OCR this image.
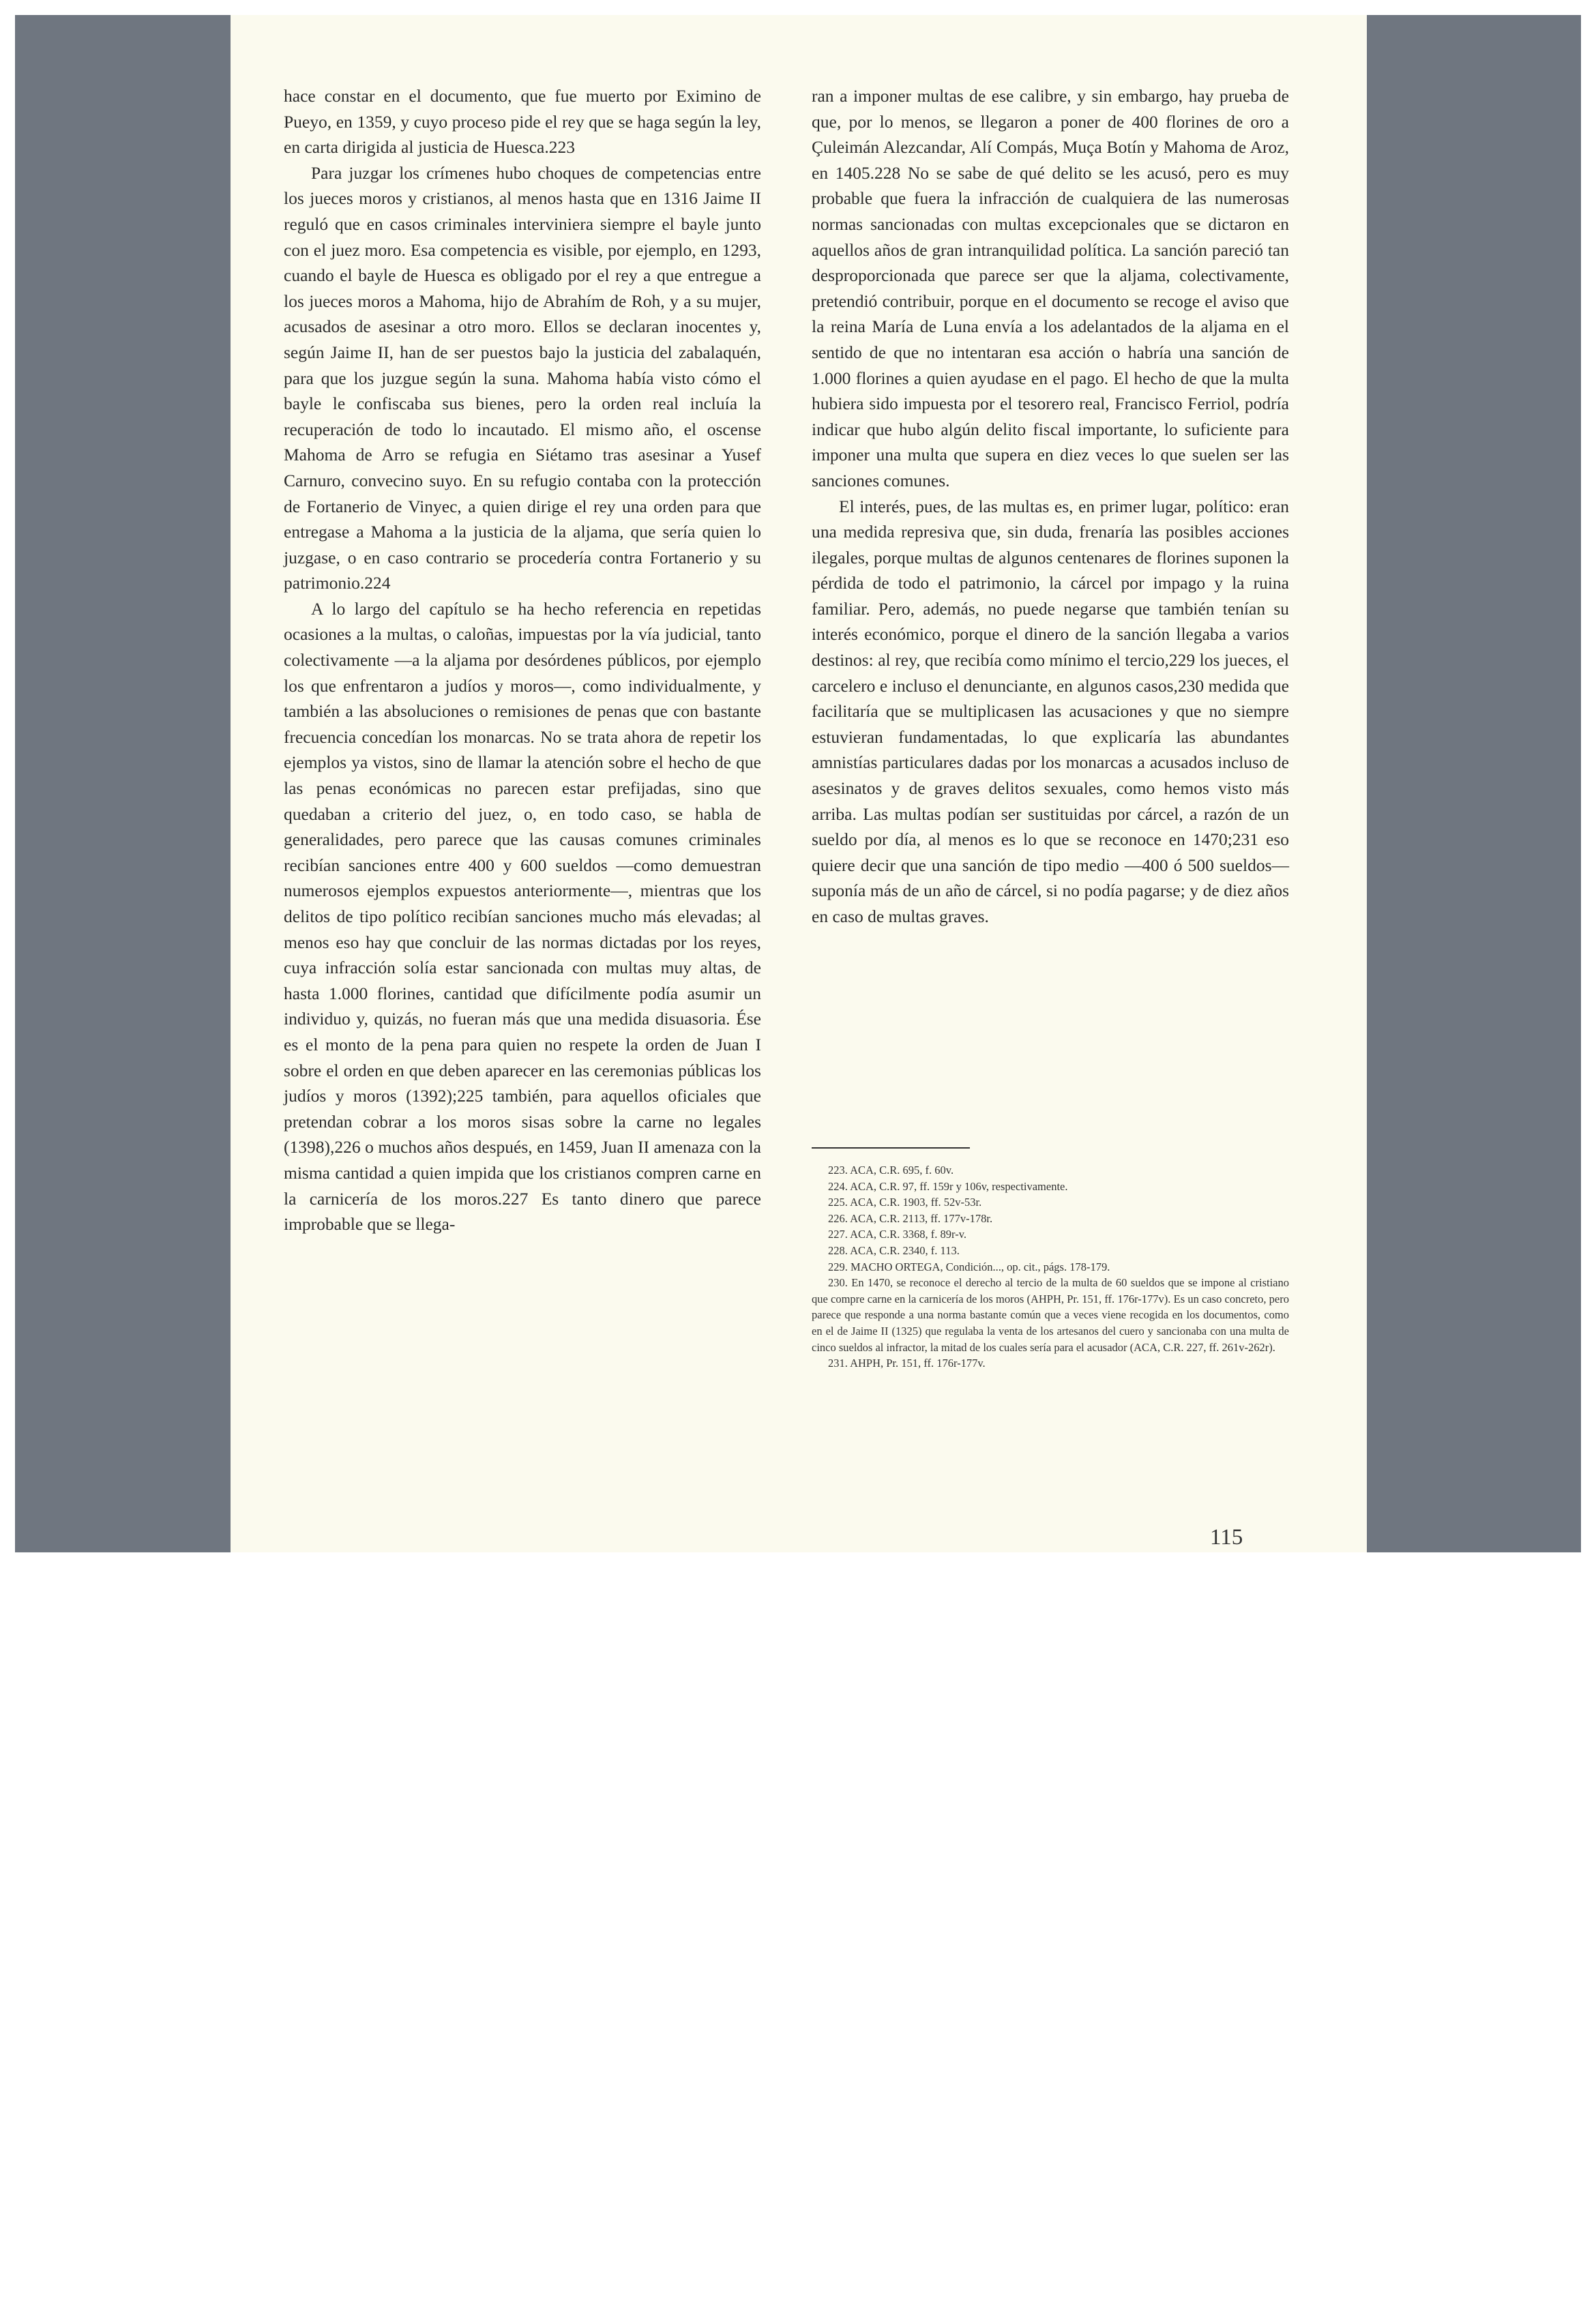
hace constar en el documento, que fue muerto por Eximino de Pueyo, en 1359, y cuyo proceso pide el rey que se haga según la ley, en carta dirigida al justicia de Huesca.223

Para juzgar los crímenes hubo choques de competencias entre los jueces moros y cristianos, al menos hasta que en 1316 Jaime II reguló que en casos criminales interviniera siempre el bayle junto con el juez moro. Esa competencia es visible, por ejemplo, en 1293, cuando el bayle de Huesca es obligado por el rey a que entregue a los jueces moros a Mahoma, hijo de Abrahím de Roh, y a su mujer, acusados de asesinar a otro moro. Ellos se declaran inocentes y, según Jaime II, han de ser puestos bajo la justicia del zabalaquén, para que los juzgue según la suna. Mahoma había visto cómo el bayle le confiscaba sus bienes, pero la orden real incluía la recuperación de todo lo incautado. El mismo año, el oscense Mahoma de Arro se refugia en Siétamo tras asesinar a Yusef Carnuro, convecino suyo. En su refugio contaba con la protección de Fortanerio de Vinyec, a quien dirige el rey una orden para que entregase a Mahoma a la justicia de la aljama, que sería quien lo juzgase, o en caso contrario se procedería contra Fortanerio y su patrimonio.224

A lo largo del capítulo se ha hecho referencia en repetidas ocasiones a la multas, o caloñas, impuestas por la vía judicial, tanto colectivamente —a la aljama por desórdenes públicos, por ejemplo los que enfrentaron a judíos y moros—, como individualmente, y también a las absoluciones o remisiones de penas que con bastante frecuencia concedían los monarcas. No se trata ahora de repetir los ejemplos ya vistos, sino de llamar la atención sobre el hecho de que las penas económicas no parecen estar prefijadas, sino que quedaban a criterio del juez, o, en todo caso, se habla de generalidades, pero parece que las causas comunes criminales recibían sanciones entre 400 y 600 sueldos —como demuestran numerosos ejemplos expuestos anteriormente—, mientras que los delitos de tipo político recibían sanciones mucho más elevadas; al menos eso hay que concluir de las normas dictadas por los reyes, cuya infracción solía estar sancionada con multas muy altas, de hasta 1.000 florines, cantidad que difícilmente podía asumir un individuo y, quizás, no fueran más que una medida disuasoria. Ése es el monto de la pena para quien no respete la orden de Juan I sobre el orden en que deben aparecer en las ceremonias públicas los judíos y moros (1392);225 también, para aquellos oficiales que pretendan cobrar a los moros sisas sobre la carne no legales (1398),226 o muchos años después, en 1459, Juan II amenaza con la misma cantidad a quien impida que los cristianos compren carne en la carnicería de los moros.227 Es tanto dinero que parece improbable que se llega-

ran a imponer multas de ese calibre, y sin embargo, hay prueba de que, por lo menos, se llegaron a poner de 400 florines de oro a Çuleimán Alezcandar, Alí Compás, Muça Botín y Mahoma de Aroz, en 1405.228 No se sabe de qué delito se les acusó, pero es muy probable que fuera la infracción de cualquiera de las numerosas normas sancionadas con multas excepcionales que se dictaron en aquellos años de gran intranquilidad política. La sanción pareció tan desproporcionada que parece ser que la aljama, colectivamente, pretendió contribuir, porque en el documento se recoge el aviso que la reina María de Luna envía a los adelantados de la aljama en el sentido de que no intentaran esa acción o habría una sanción de 1.000 florines a quien ayudase en el pago. El hecho de que la multa hubiera sido impuesta por el tesorero real, Francisco Ferriol, podría indicar que hubo algún delito fiscal importante, lo suficiente para imponer una multa que supera en diez veces lo que suelen ser las sanciones comunes.

El interés, pues, de las multas es, en primer lugar, político: eran una medida represiva que, sin duda, frenaría las posibles acciones ilegales, porque multas de algunos centenares de florines suponen la pérdida de todo el patrimonio, la cárcel por impago y la ruina familiar. Pero, además, no puede negarse que también tenían su interés económico, porque el dinero de la sanción llegaba a varios destinos: al rey, que recibía como mínimo el tercio,229 los jueces, el carcelero e incluso el denunciante, en algunos casos,230 medida que facilitaría que se multiplicasen las acusaciones y que no siempre estuvieran fundamentadas, lo que explicaría las abundantes amnistías particulares dadas por los monarcas a acusados incluso de asesinatos y de graves delitos sexuales, como hemos visto más arriba. Las multas podían ser sustituidas por cárcel, a razón de un sueldo por día, al menos es lo que se reconoce en 1470;231 eso quiere decir que una sanción de tipo medio —400 ó 500 sueldos— suponía más de un año de cárcel, si no podía pagarse; y de diez años en caso de multas graves.

223. ACA, C.R. 695, f. 60v.

224. ACA, C.R. 97, ff. 159r y 106v, respectivamente.

225. ACA, C.R. 1903, ff. 52v-53r.

226. ACA, C.R. 2113, ff. 177v-178r.

227. ACA, C.R. 3368, f. 89r-v.

228. ACA, C.R. 2340, f. 113.

229. MACHO ORTEGA, Condición..., op. cit., págs. 178-179.

230. En 1470, se reconoce el derecho al tercio de la multa de 60 sueldos que se impone al cristiano que compre carne en la carnicería de los moros (AHPH, Pr. 151, ff. 176r-177v). Es un caso concreto, pero parece que responde a una norma bastante común que a veces viene recogida en los documentos, como en el de Jaime II (1325) que regulaba la venta de los artesanos del cuero y sancionaba con una multa de cinco sueldos al infractor, la mitad de los cuales sería para el acusador (ACA, C.R. 227, ff. 261v-262r).

231. AHPH, Pr. 151, ff. 176r-177v.

115
